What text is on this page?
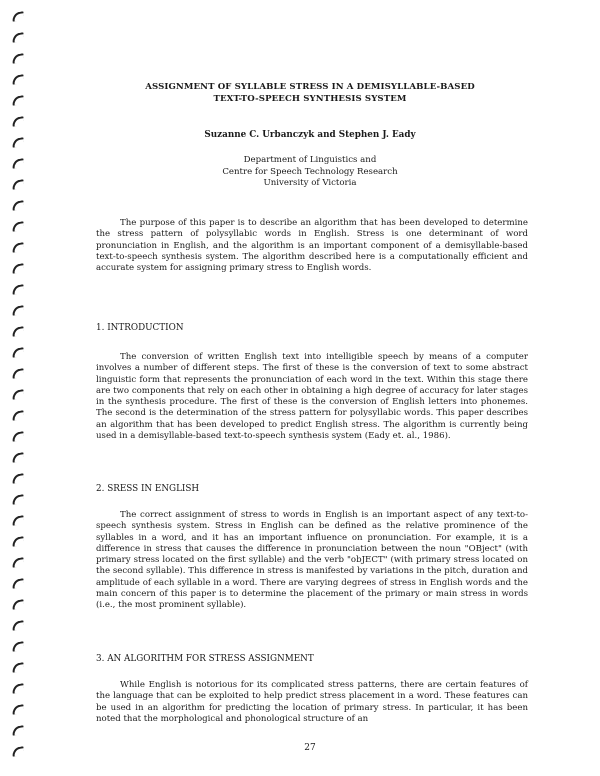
ASSIGNMENT OF SYLLABLE STRESS IN A DEMISYLLABLE-BASED
TEXT-TO-SPEECH SYNTHESIS SYSTEM
Suzanne C. Urbanczyk and Stephen J. Eady
Department of Linguistics and
Centre for Speech Technology Research
University of Victoria

The purpose of this paper is to describe an algorithm that has been developed to determine the stress pattern of polysyllabic words in English. Stress is one determinant of word pronunciation in English, and the algorithm is an important component of a demisyllable-based text-to-speech synthesis system. The algorithm described here is a computationally efficient and accurate system for assigning primary stress to English words.

1. INTRODUCTION

The conversion of written English text into intelligible speech by means of a computer involves a number of different steps. The first of these is the conversion of text to some abstract linguistic form that represents the pronunciation of each word in the text. Within this stage there are two components that rely on each other in obtaining a high degree of accuracy for later stages in the synthesis procedure. The first of these is the conversion of English letters into phonemes. The second is the determination of the stress pattern for polysyllabic words. This paper describes an algorithm that has been developed to predict English stress. The algorithm is currently being used in a demisyllable-based text-to-speech synthesis system (Eady et. al., 1986).

2. SRESS IN ENGLISH

The correct assignment of stress to words in English is an important aspect of any text-to-speech synthesis system. Stress in English can be defined as the relative prominence of the syllables in a word, and it has an important influence on pronunciation. For example, it is a difference in stress that causes the difference in pronunciation between the noun "OBject" (with primary stress located on the first syllable) and the verb "obJECT" (with primary stress located on the second syllable). This difference in stress is manifested by variations in the pitch, duration and amplitude of each syllable in a word. There are varying degrees of stress in English words and the main concern of this paper is to determine the placement of the primary or main stress in words (i.e., the most prominent syllable).

3. AN ALGORITHM FOR STRESS ASSIGNMENT

While English is notorious for its complicated stress patterns, there are certain features of the language that can be exploited to help predict stress placement in a word. These features can be used in an algorithm for predicting the location of primary stress. In particular, it has been noted that the morphological and phonological structure of an

27
